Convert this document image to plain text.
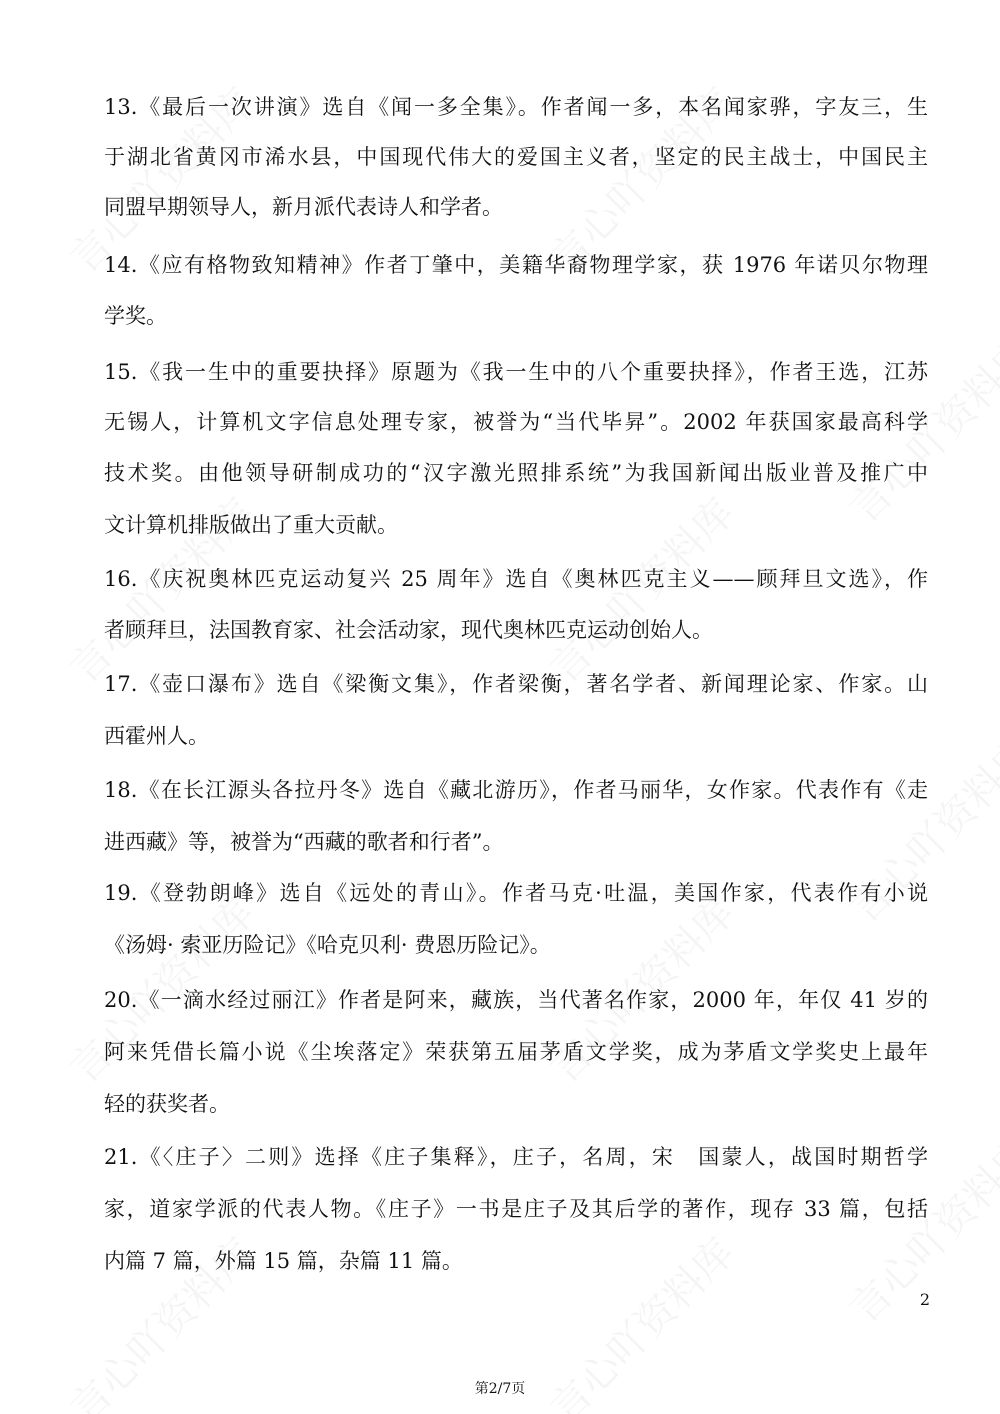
13.《最后一次讲演》选自《闻一多全集》。作者闻一多，本名闻家骅，字友三，生
于湖北省黄冈市浠水县，中国现代伟大的爱国主义者，坚定的民主战士，中国民主
同盟早期领导人，新月派代表诗人和学者。
14.《应有格物致知精神》作者丁肇中，美籍华裔物理学家，获 1976 年诺贝尔物理
学奖。
15.《我一生中的重要抉择》原题为《我一生中的八个重要抉择》，作者王选，江苏
无锡人，计算机文字信息处理专家，被誉为“当代毕昇”。2002 年获国家最高科学
技术奖。由他领导研制成功的“汉字激光照排系统”为我国新闻出版业普及推广中
文计算机排版做出了重大贡献。
16.《庆祝奥林匹克运动复兴 25 周年》选自《奥林匹克主义——顾拜旦文选》，作
者顾拜旦，法国教育家、社会活动家，现代奥林匹克运动创始人。
17.《壶口瀑布》选自《梁衡文集》，作者梁衡，著名学者、新闻理论家、作家。山
西霍州人。
18.《在长江源头各拉丹冬》选自《藏北游历》，作者马丽华，女作家。代表作有《走
进西藏》等，被誉为“西藏的歌者和行者”。
19.《登勃朗峰》选自《远处的青山》。作者马克·吐温，美国作家，代表作有小说
《汤姆· 索亚历险记》《哈克贝利· 费恩历险记》。
20.《一滴水经过丽江》作者是阿来，藏族，当代著名作家，2000 年，年仅 41 岁的
阿来凭借长篇小说《尘埃落定》荣获第五届茅盾文学奖，成为茅盾文学奖史上最年
轻的获奖者。
21.《〈庄子〉二则》选择《庄子集释》，庄子，名周，宋　国蒙人，战国时期哲学
家，道家学派的代表人物。《庄子》一书是庄子及其后学的著作，现存 33 篇，包括
内篇 7 篇，外篇 15 篇，杂篇 11 篇。
2
第2/7页
